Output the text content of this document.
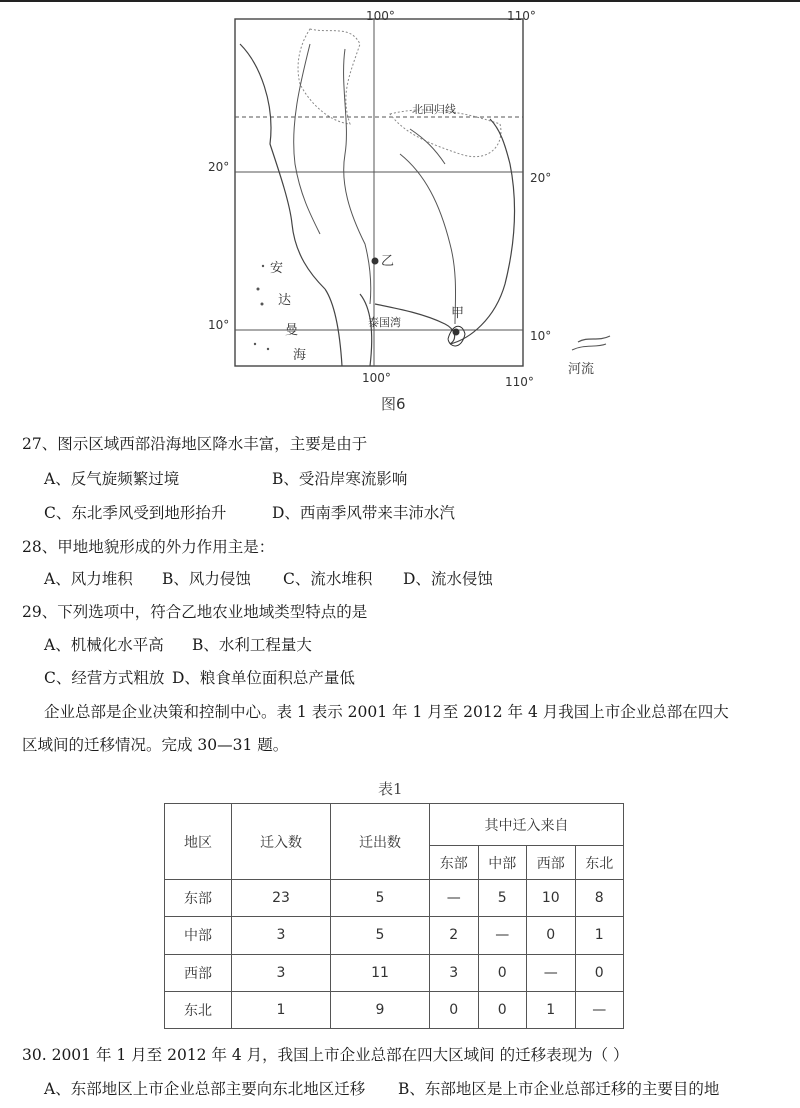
100°	110°
100°	110°
20°
20°
10°
10°
北回归线
乙
甲
泰国湾
安
达
曼
海
河流
图6
27、图示区域西部沿海地区降水丰富，主要是由于
A、反气旋频繁过境	B、受沿岸寒流影响
C、东北季风受到地形抬升	D、西南季风带来丰沛水汽
28、甲地地貌形成的外力作用主是：
A、风力堆积 B、风力侵蚀 C、流水堆积 D、流水侵蚀
29、下列选项中，符合乙地农业地域类型特点的是
A、机械化水平高 B、水利工程量大
C、经营方式粗放 D、粮食单位面积总产量低
企业总部是企业决策和控制中心。表 1 表示 2001 年 1 月至 2012 年 4 月我国上市企业总部在四大
区域间的迁移情况。完成 30—31 题。
表1
地区	迁入数	迁出数	其中迁入来自			
			东部	中部	西部	东北
东部	23	5	—	5	10	8
中部	3	5	2	—	0	1
西部	3	11	3	0	—	0
东北	1	9	0	0	1	—
30. 2001 年 1 月至 2012 年 4 月，我国上市企业总部在四大区域间 的迁移表现为（ ）
A、东部地区上市企业总部主要向东北地区迁移 B、东部地区是上市企业总部迁移的主要目的地
